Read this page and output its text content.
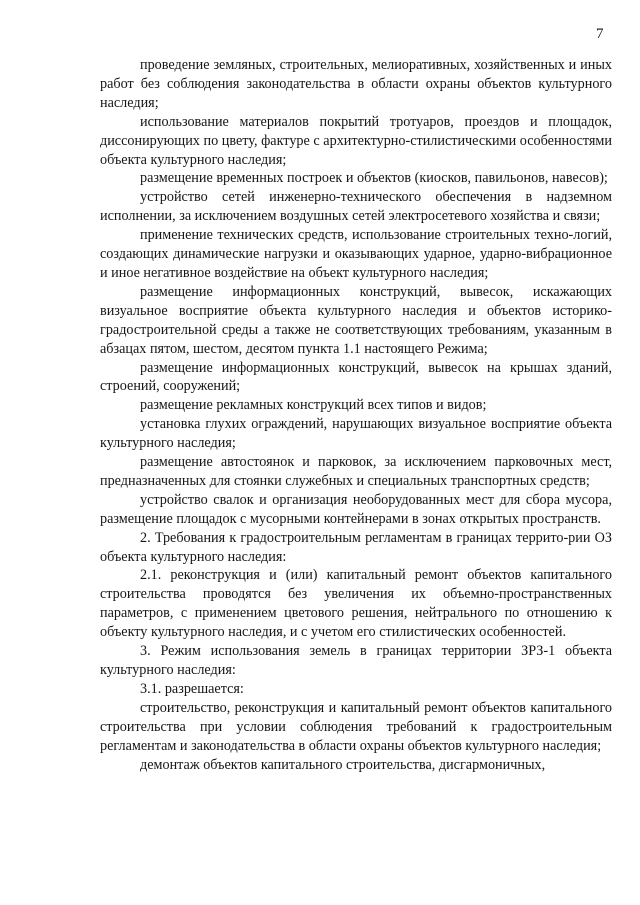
7

проведение земляных, строительных, мелиоративных, хозяйственных и иных работ без соблюдения законодательства в области охраны объектов культурного наследия;

использование материалов покрытий тротуаров, проездов и площадок, диссонирующих по цвету, фактуре с архитектурно-стилистическими особенностями объекта культурного наследия;

размещение временных построек и объектов (киосков, павильонов, навесов);

устройство сетей инженерно-технического обеспечения в надземном исполнении, за исключением воздушных сетей электросетевого хозяйства и связи;

применение технических средств, использование строительных техно-логий, создающих динамические нагрузки и оказывающих ударное, ударно-вибрационное и иное негативное воздействие на объект культурного наследия;

размещение информационных конструкций, вывесок, искажающих визуальное восприятие объекта культурного наследия и объектов историко-градостроительной среды а также не соответствующих требованиям, указанным в абзацах пятом, шестом, десятом пункта 1.1 настоящего Режима;

размещение информационных конструкций, вывесок на крышах зданий, строений, сооружений;

размещение рекламных конструкций всех типов и видов;

установка глухих ограждений, нарушающих визуальное восприятие объекта культурного наследия;

размещение автостоянок и парковок, за исключением парковочных мест, предназначенных для стоянки служебных и специальных транспортных средств;

устройство свалок и организация необорудованных мест для сбора мусора, размещение площадок с мусорными контейнерами в зонах открытых пространств.

2. Требования к градостроительным регламентам в границах террито-рии ОЗ объекта культурного наследия:

2.1. реконструкция и (или) капитальный ремонт объектов капитального строительства проводятся без увеличения их объемно-пространственных параметров, с применением цветового решения, нейтрального по отношению к объекту культурного наследия, и с учетом его стилистических особенностей.

3. Режим использования земель в границах территории ЗРЗ-1 объекта культурного наследия:

3.1. разрешается:

строительство, реконструкция и капитальный ремонт объектов капитального строительства при условии соблюдения требований к градостроительным регламентам и законодательства в области охраны объектов культурного наследия;

демонтаж объектов капитального строительства, дисгармоничных,
